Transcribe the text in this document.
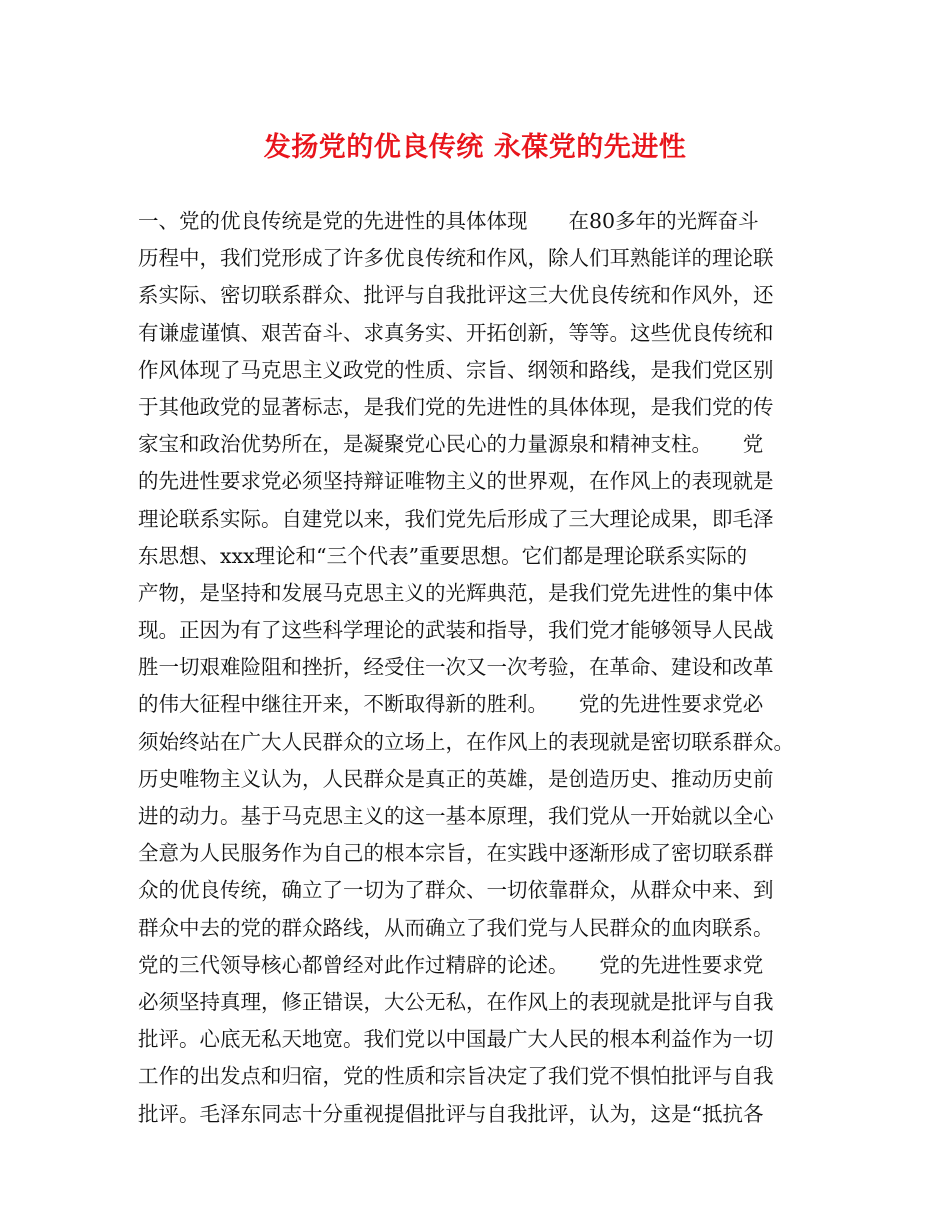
发扬党的优良传统 永葆党的先进性
一、党的优良传统是党的先进性的具体体现　　在80多年的光辉奋斗
历程中，我们党形成了许多优良传统和作风，除人们耳熟能详的理论联
系实际、密切联系群众、批评与自我批评这三大优良传统和作风外，还
有谦虚谨慎、艰苦奋斗、求真务实、开拓创新，等等。这些优良传统和
作风体现了马克思主义政党的性质、宗旨、纲领和路线，是我们党区别
于其他政党的显著标志，是我们党的先进性的具体体现，是我们党的传
家宝和政治优势所在，是凝聚党心民心的力量源泉和精神支柱。　　党
的先进性要求党必须坚持辩证唯物主义的世界观，在作风上的表现就是
理论联系实际。自建党以来，我们党先后形成了三大理论成果，即毛泽
东思想、xxx理论和“三个代表”重要思想。它们都是理论联系实际的
产物，是坚持和发展马克思主义的光辉典范，是我们党先进性的集中体
现。正因为有了这些科学理论的武装和指导，我们党才能够领导人民战
胜一切艰难险阻和挫折，经受住一次又一次考验，在革命、建设和改革
的伟大征程中继往开来，不断取得新的胜利。　　党的先进性要求党必
须始终站在广大人民群众的立场上，在作风上的表现就是密切联系群众。
历史唯物主义认为，人民群众是真正的英雄，是创造历史、推动历史前
进的动力。基于马克思主义的这一基本原理，我们党从一开始就以全心
全意为人民服务作为自己的根本宗旨，在实践中逐渐形成了密切联系群
众的优良传统，确立了一切为了群众、一切依靠群众，从群众中来、到
群众中去的党的群众路线，从而确立了我们党与人民群众的血肉联系。
党的三代领导核心都曾经对此作过精辟的论述。　　党的先进性要求党
必须坚持真理，修正错误，大公无私，在作风上的表现就是批评与自我
批评。心底无私天地宽。我们党以中国最广大人民的根本利益作为一切
工作的出发点和归宿，党的性质和宗旨决定了我们党不惧怕批评与自我
批评。毛泽东同志十分重视提倡批评与自我批评，认为，这是“抵抗各
